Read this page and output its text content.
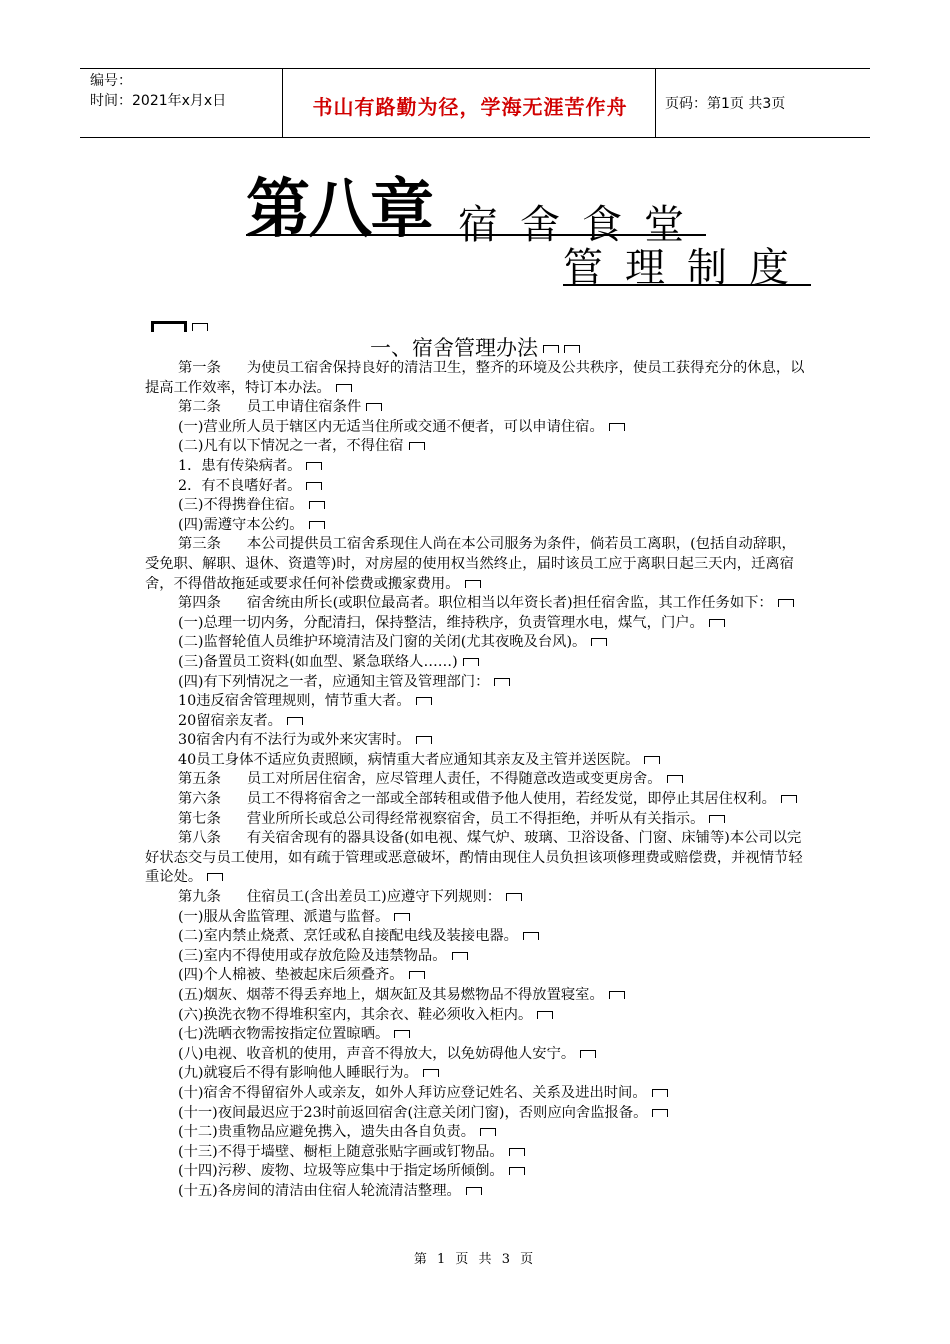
编号：
时间：2021年x月x日	书山有路勤为径，学海无涯苦作舟	页码：第1页 共3页
第八章 宿舍食堂
管理制度
一、宿舍管理办法

第一条 为使员工宿舍保持良好的清洁卫生，整齐的环境及公共秩序，使员工获得充分的休息，以提高工作效率，特订本办法。

第二条 员工申请住宿条件

(一)营业所人员于辖区内无适当住所或交通不便者，可以申请住宿。

(二)凡有以下情况之一者，不得住宿

1．患有传染病者。

2．有不良嗜好者。

(三)不得携眷住宿。

(四)需遵守本公约。

第三条 本公司提供员工宿舍系现住人尚在本公司服务为条件，倘若员工离职，(包括自动辞职，受免职、解职、退休、资遣等)时，对房屋的使用权当然终止，届时该员工应于离职日起三天内，迁离宿舍，不得借故拖延或要求任何补偿费或搬家费用。

第四条 宿舍统由所长(或职位最高者。职位相当以年资长者)担任宿舍监，其工作任务如下：

(一)总理一切内务，分配清扫，保持整洁，维持秩序，负责管理水电，煤气，门户。

(二)监督轮值人员维护环境清洁及门窗的关闭(尤其夜晚及台风)。

(三)备置员工资料(如血型、紧急联络人……)

(四)有下列情况之一者，应通知主管及管理部门：

10违反宿舍管理规则，情节重大者。

20留宿亲友者。

30宿舍内有不法行为或外来灾害时。

40员工身体不适应负责照顾，病情重大者应通知其亲友及主管并送医院。

第五条 员工对所居住宿舍，应尽管理人责任，不得随意改造或变更房舍。

第六条 员工不得将宿舍之一部或全部转租或借予他人使用，若经发觉，即停止其居住权利。

第七条 营业所所长或总公司得经常视察宿舍，员工不得拒绝，并听从有关指示。

第八条 有关宿舍现有的器具设备(如电视、煤气炉、玻璃、卫浴设备、门窗、床铺等)本公司以完好状态交与员工使用，如有疏于管理或恶意破坏，酌情由现住人员负担该项修理费或赔偿费，并视情节轻重论处。

第九条 住宿员工(含出差员工)应遵守下列规则：

(一)服从舍监管理、派遣与监督。

(二)室内禁止烧煮、烹饪或私自接配电线及装接电器。

(三)室内不得使用或存放危险及违禁物品。

(四)个人棉被、垫被起床后须叠齐。

(五)烟灰、烟蒂不得丢弃地上，烟灰缸及其易燃物品不得放置寝室。

(六)换洗衣物不得堆积室内，其余衣、鞋必须收入柜内。

(七)洗晒衣物需按指定位置晾晒。

(八)电视、收音机的使用，声音不得放大，以免妨碍他人安宁。

(九)就寝后不得有影响他人睡眠行为。

(十)宿舍不得留宿外人或亲友，如外人拜访应登记姓名、关系及进出时间。

(十一)夜间最迟应于23时前返回宿舍(注意关闭门窗)，否则应向舍监报备。

(十二)贵重物品应避免携入，遗失由各自负责。

(十三)不得于墙壁、橱柜上随意张贴字画或钉物品。

(十四)污秽、废物、垃圾等应集中于指定场所倾倒。

(十五)各房间的清洁由住宿人轮流清洁整理。

第 1 页 共 3 页
